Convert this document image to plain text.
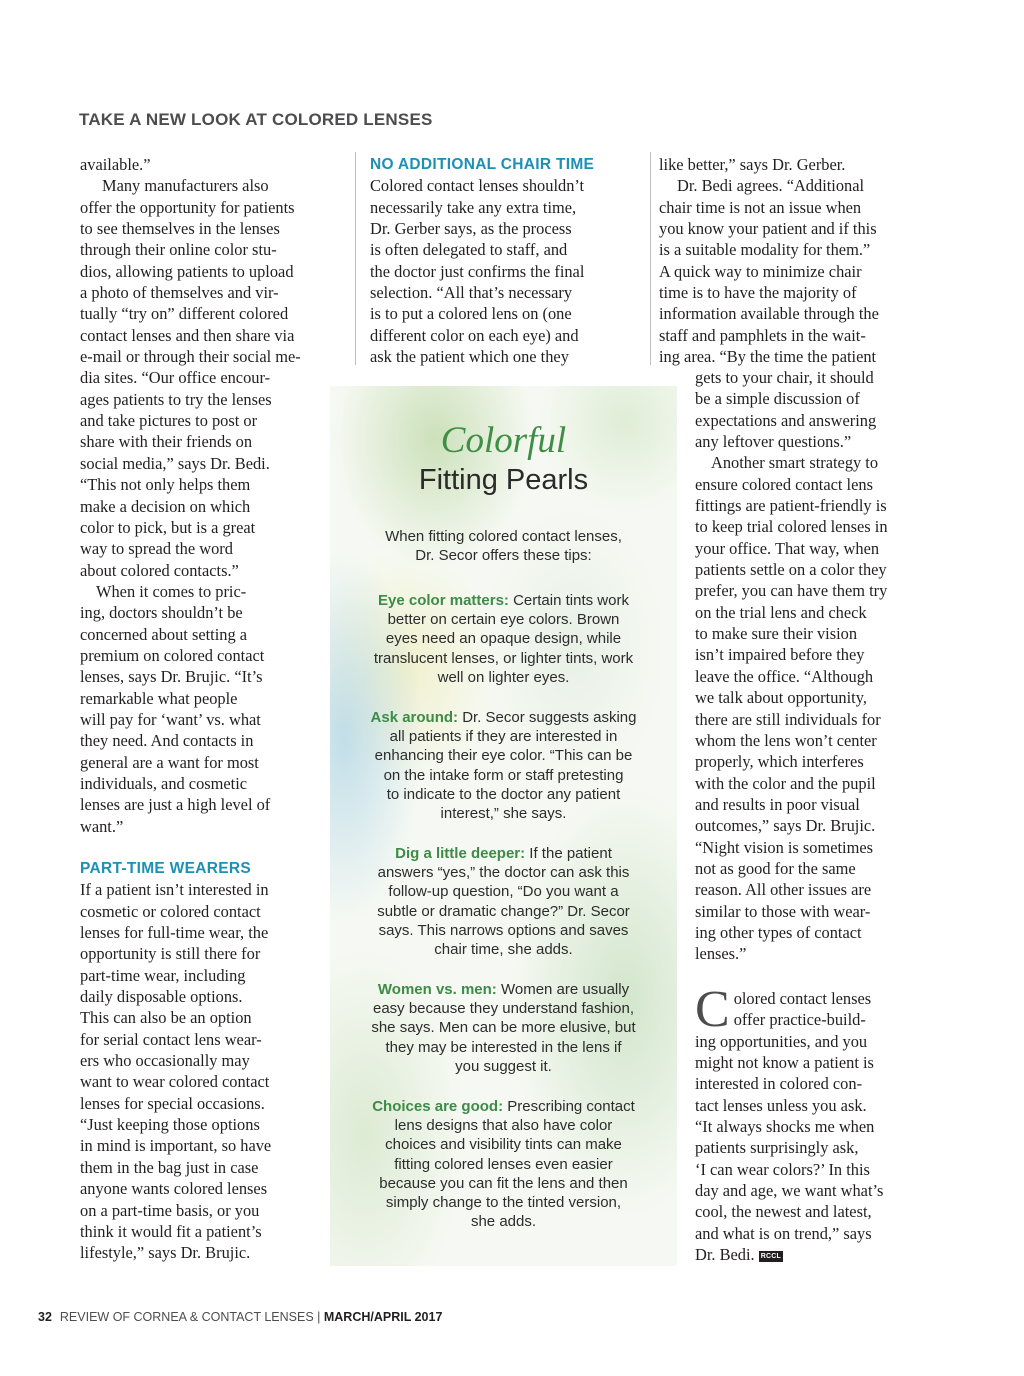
TAKE A NEW LOOK AT COLORED LENSES
available.”
Many manufacturers also
offer the opportunity for patients
to see themselves in the lenses
through their online color stu-
dios, allowing patients to upload
a photo of themselves and vir-
tually “try on” different colored
contact lenses and then share via
e-mail or through their social me-
dia sites. “Our office encour-
ages patients to try the lenses
and take pictures to post or
share with their friends on
social media,” says Dr. Bedi.
“This not only helps them
make a decision on which
color to pick, but is a great
way to spread the word
about colored contacts.”
When it comes to pric-
ing, doctors shouldn’t be
concerned about setting a
premium on colored contact
lenses, says Dr. Brujic. “It’s
remarkable what people
will pay for ‘want’ vs. what
they need. And contacts in
general are a want for most
individuals, and cosmetic
lenses are just a high level of
want.”

PART-TIME WEARERS

If a patient isn’t interested in
cosmetic or colored contact
lenses for full-time wear, the
opportunity is still there for
part-time wear, including
daily disposable options.
This can also be an option
for serial contact lens wear-
ers who occasionally may
want to wear colored contact
lenses for special occasions.
“Just keeping those options
in mind is important, so have
them in the bag just in case
anyone wants colored lenses
on a part-time basis, or you
think it would fit a patient’s
lifestyle,” says Dr. Brujic.

NO ADDITIONAL CHAIR TIME

Colored contact lenses shouldn’t
necessarily take any extra time,
Dr. Gerber says, as the process
is often delegated to staff, and
the doctor just confirms the final
selection. “All that’s necessary
is to put a colored lens on (one
different color on each eye) and
ask the patient which one they
like better,” says Dr. Gerber.
Dr. Bedi agrees. “Additional
chair time is not an issue when
you know your patient and if this
is a suitable modality for them.”
A quick way to minimize chair
time is to have the majority of
information available through the
staff and pamphlets in the wait-
ing area. “By the time the patient
gets to your chair, it should
be a simple discussion of
expectations and answering
any leftover questions.”
Another smart strategy to
ensure colored contact lens
fittings are patient-friendly is
to keep trial colored lenses in
your office. That way, when
patients settle on a color they
prefer, you can have them try
on the trial lens and check
to make sure their vision
isn’t impaired before they
leave the office. “Although
we talk about opportunity,
there are still individuals for
whom the lens won’t center
properly, which interferes
with the color and the pupil
and results in poor visual
outcomes,” says Dr. Brujic.
“Night vision is sometimes
not as good for the same
reason. All other issues are
similar to those with wear-
ing other types of contact
lenses.”
C olored contact lenses
offer practice-build-
ing opportunities, and you
might not know a patient is
interested in colored con-
tact lenses unless you ask.
“It always shocks me when
patients surprisingly ask,
‘I can wear colors?’ In this
day and age, we want what’s
cool, the newest and latest,
and what is on trend,” says
Dr. Bedi. RCCL
Colorful
Fitting Pearls
When fitting colored contact lenses,
Dr. Secor offers these tips:
Eye color matters: Certain tints work
better on certain eye colors. Brown
eyes need an opaque design, while
translucent lenses, or lighter tints, work
well on lighter eyes.
Ask around: Dr. Secor suggests asking
all patients if they are interested in
enhancing their eye color. “This can be
on the intake form or staff pretesting
to indicate to the doctor any patient
interest,” she says.
Dig a little deeper: If the patient
answers “yes,” the doctor can ask this
follow-up question, “Do you want a
subtle or dramatic change?” Dr. Secor
says. This narrows options and saves
chair time, she adds.
Women vs. men: Women are usually
easy because they understand fashion,
she says. Men can be more elusive, but
they may be interested in the lens if
you suggest it.
Choices are good: Prescribing contact
lens designs that also have color
choices and visibility tints can make
fitting colored lenses even easier
because you can fit the lens and then
simply change to the tinted version,
she adds.
32 REVIEW OF CORNEA & CONTACT LENSES | MARCH/APRIL 2017
